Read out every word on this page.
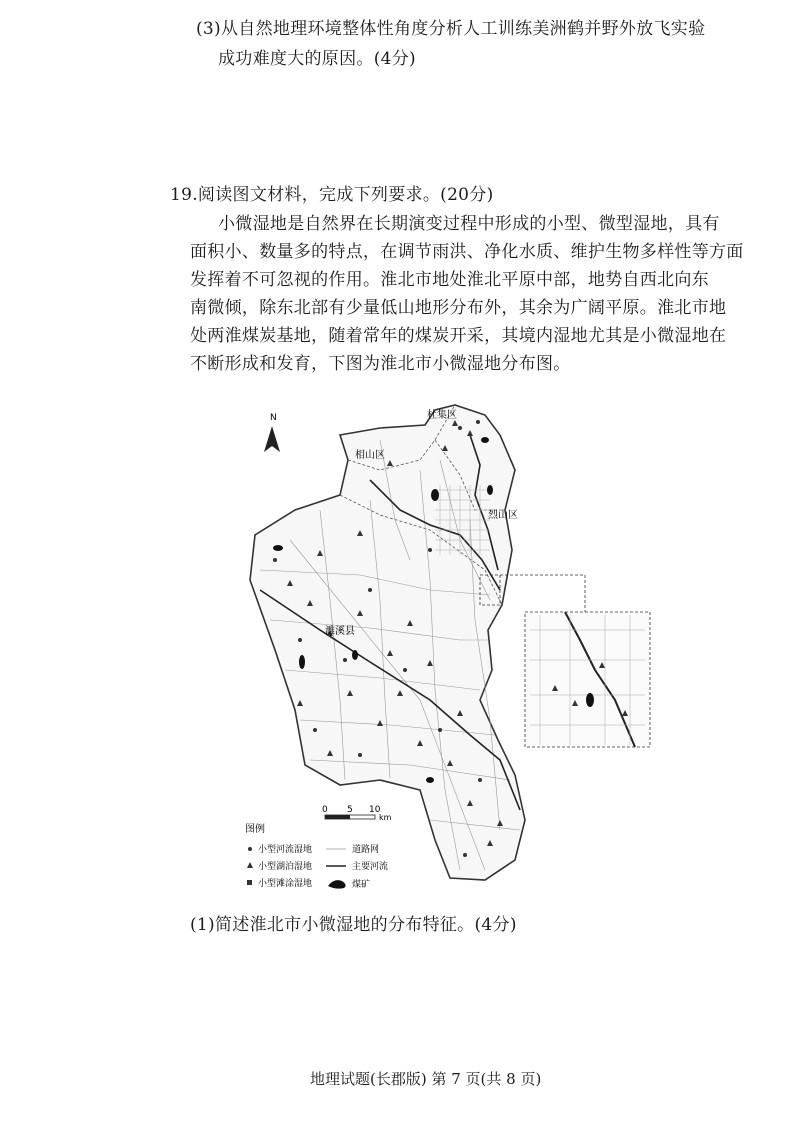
(3)从自然地理环境整体性角度分析人工训练美洲鹤并野外放飞实验
成功难度大的原因。(4分)
19.阅读图文材料，完成下列要求。(20分)
小微湿地是自然界在长期演变过程中形成的小型、微型湿地，具有
面积小、数量多的特点，在调节雨洪、净化水质、维护生物多样性等方面
发挥着不可忽视的作用。淮北市地处淮北平原中部，地势自西北向东
南微倾，除东北部有少量低山地形分布外，其余为广阔平原。淮北市地
处两淮煤炭基地，随着常年的煤炭开采，其境内湿地尤其是小微湿地在
不断形成和发育，下图为淮北市小微湿地分布图。
N	杜集区
相山区
烈山区
濉溪县
0 5 10
km
图例
小型河流湿地
小型湖泊湿地
小型滩涂湿地
道路网
主要河流
煤矿
(1)简述淮北市小微湿地的分布特征。(4分)
地理试题(长郡版) 第 7 页(共 8 页)
